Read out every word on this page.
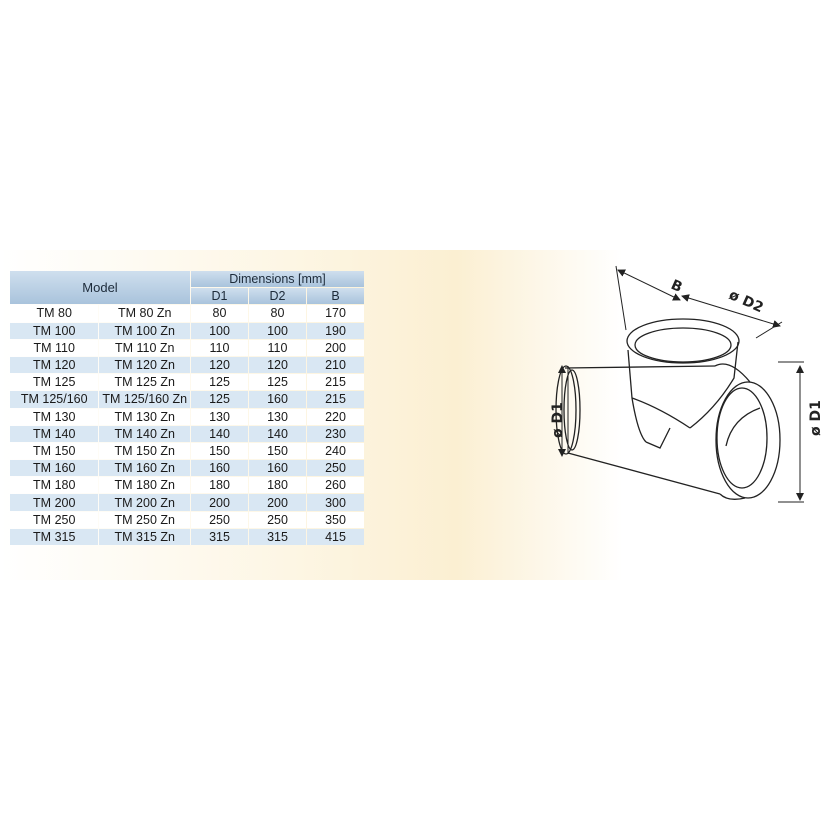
Model		Dimensions [mm]		
		D1	D2	B
TM 80	TM 80 Zn	80	80	170
TM 100	TM 100 Zn	100	100	190
TM 110	TM 110 Zn	110	110	200
TM 120	TM 120 Zn	120	120	210
TM 125	TM 125 Zn	125	125	215
TM 125/160	TM 125/160 Zn	125	160	215
TM 130	TM 130 Zn	130	130	220
TM 140	TM 140 Zn	140	140	230
TM 150	TM 150 Zn	150	150	240
TM 160	TM 160 Zn	160	160	250
TM 180	TM 180 Zn	180	180	260
TM 200	TM 200 Zn	200	200	300
TM 250	TM 250 Zn	250	250	350
TM 315	TM 315 Zn	315	315	415
B
ø D2
ø D1	ø D1
